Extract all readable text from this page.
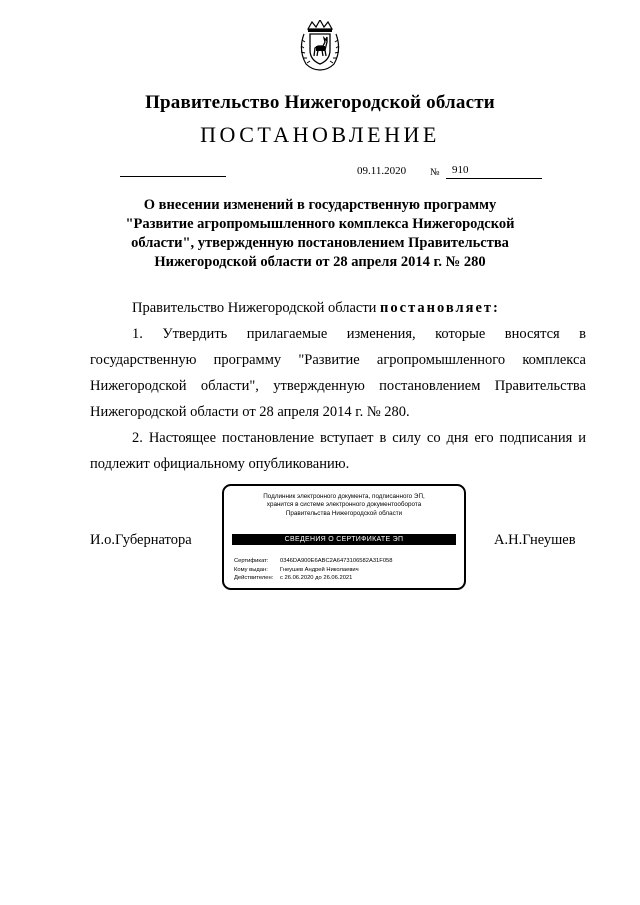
Правительство Нижегородской области
ПОСТАНОВЛЕНИЕ
09.11.2020 №	910
О внесении изменений в государственную программу "Развитие агропромышленного комплекса Нижегородской области", утвержденную постановлением Правительства Нижегородской области от 28 апреля 2014 г. № 280
Правительство Нижегородской области постановляет:
1. Утвердить прилагаемые изменения, которые вносятся в
государственную программу "Развитие агропромышленного комплекса
Нижегородской области", утвержденную постановлением Правительства
Нижегородской области от 28 апреля 2014 г. № 280.
2. Настоящее постановление вступает в силу со дня его подписания и
подлежит официальному опубликованию.
И.о.Губернатора	А.Н.Гнеушев
Подлинник электронного документа, подписанного ЭП,
хранится в системе электронного документооборота
Правительства Нижегородской области
СВЕДЕНИЯ О СЕРТИФИКАТЕ ЭП
Сертификат: 0346DA900E6ABC2A6473106582A31F058
Кому выдан: Гнеушев Андрей Николаевич
Действителен: с 26.06.2020 до 26.06.2021
